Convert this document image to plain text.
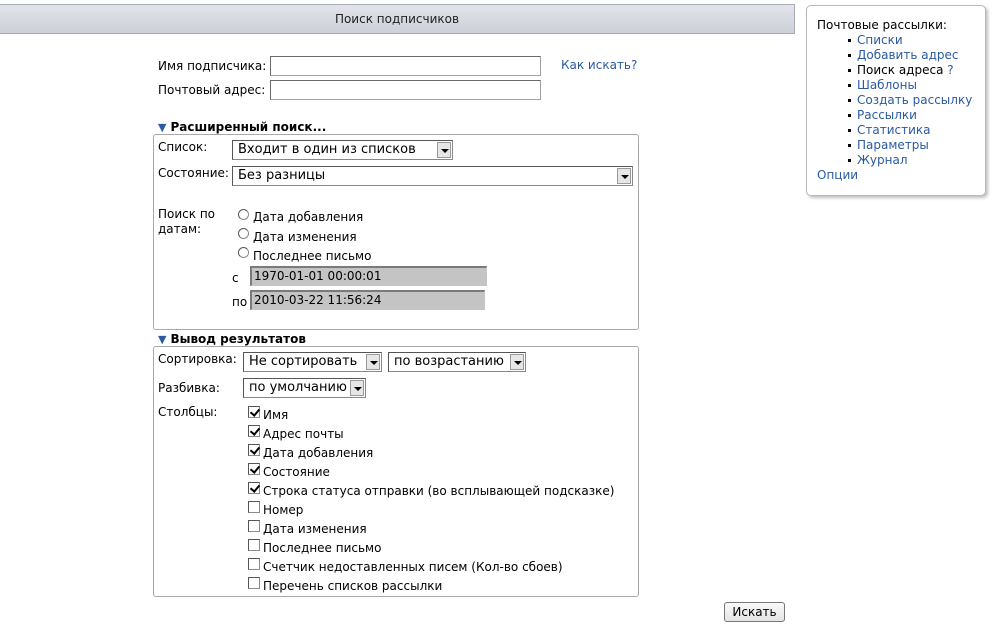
Поиск подписчиков	Почтовые рассылки:
Списки
Добавить адрес
Поиск адреса ?
Шаблоны
Создать рассылку
Рассылки
Статистика
Параметры
Журнал
Опции
Имя подписчика:	Как искать?
Почтовый адрес:
▼ Расширенный поиск...
Список:	Входит в один из списков
Состояние: Без разницы
Поиск по
датам:
Дата добавления
Дата изменения
Последнее письмо
с	1970-01-01 00:00:01
по 2010-03-22 11:56:24
▼ Вывод результатов
Сортировка: Не сортировать	по возрастанию
Разбивка:	по умолчанию
Столбцы:	Имя
Адрес почты
Дата добавления
Состояние
Строка статуса отправки (во всплывающей подсказке)
Номер
Дата изменения
Последнее письмо
Счетчик недоставленных писем (Кол-во сбоев)
Перечень списков рассылки
Искать
